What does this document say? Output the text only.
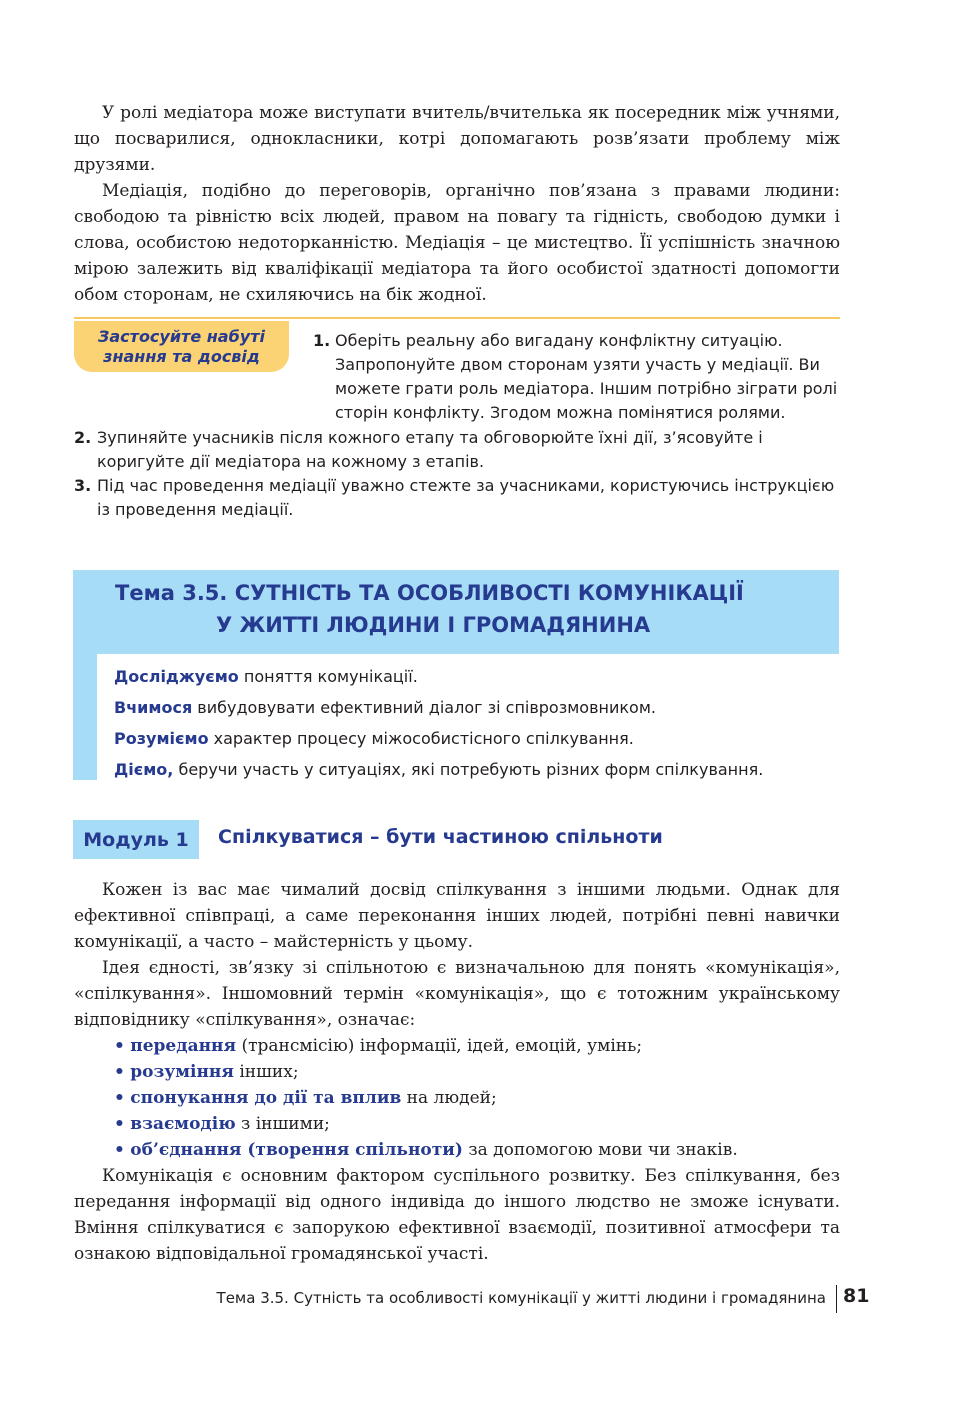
У ролі медіатора може виступати вчитель/вчителька як посередник між учнями, що посварилися, однокласники, котрі допомагають розв’язати проблему між друзями.

Медіація, подібно до переговорів, органічно пов’язана з правами людини: свободою та рівністю всіх людей, правом на повагу та гідність, свободою думки і слова, особистою недоторканністю. Медіація – це мистецтво. Її успішність значною мірою залежить від кваліфікації медіатора та його особистої здатності допомогти обом сторонам, не схиляючись на бік жодної.

Застосуйте набуті
знання та досвід
1. Оберіть реальну або вигадану конфліктну ситуацію. Запропонуйте двом сторонам узяти участь у медіації. Ви можете грати роль медіатора. Іншим потрібно зіграти ролі сторін конфлікту. Згодом можна помінятися ролями.
2. Зупиняйте учасників після кожного етапу та обговорюйте їхні дії, з’ясовуйте і коригуйте дії медіатора на кожному з етапів.
3. Під час проведення медіації уважно стежте за учасниками, користуючись інструкцією із проведення медіації.
Тема 3.5. СУТНІСТЬ ТА ОСОБЛИВОСТІ КОМУНІКАЦІЇ
У ЖИТТІ ЛЮДИНИ І ГРОМАДЯНИНА
Досліджуємо поняття комунікації.
Вчимося вибудовувати ефективний діалог зі співрозмовником.
Розуміємо характер процесу міжособистісного спілкування.
Діємо, беручи участь у ситуаціях, які потребують різних форм спілкування.
Модуль 1	Спілкуватися – бути частиною спільноти

Кожен із вас має чималий досвід спілкування з іншими людьми. Однак для ефективної співпраці, а саме переконання інших людей, потрібні певні навички комунікації, а часто – майстерність у цьому.

Ідея єдності, зв’язку зі спільнотою є визначальною для понять «комунікація», «спілкування». Іншомовний термін «комунікація», що є тотожним українському відповіднику «спілкування», означає:

• передання (трансмісію) інформації, ідей, емоцій, умінь;
• розуміння інших;
• спонукання до дії та вплив на людей;
• взаємодію з іншими;
• об’єднання (творення спільноти) за допомогою мови чи знаків.

Комунікація є основним фактором суспільного розвитку. Без спілкування, без передання інформації від одного індивіда до іншого людство не зможе існувати. Вміння спілкуватися є запорукою ефективної взаємодії, позитивної атмосфери та ознакою відповідальної громадянської участі.

Тема 3.5. Сутність та особливості комунікації у житті людини і громадянина 81
